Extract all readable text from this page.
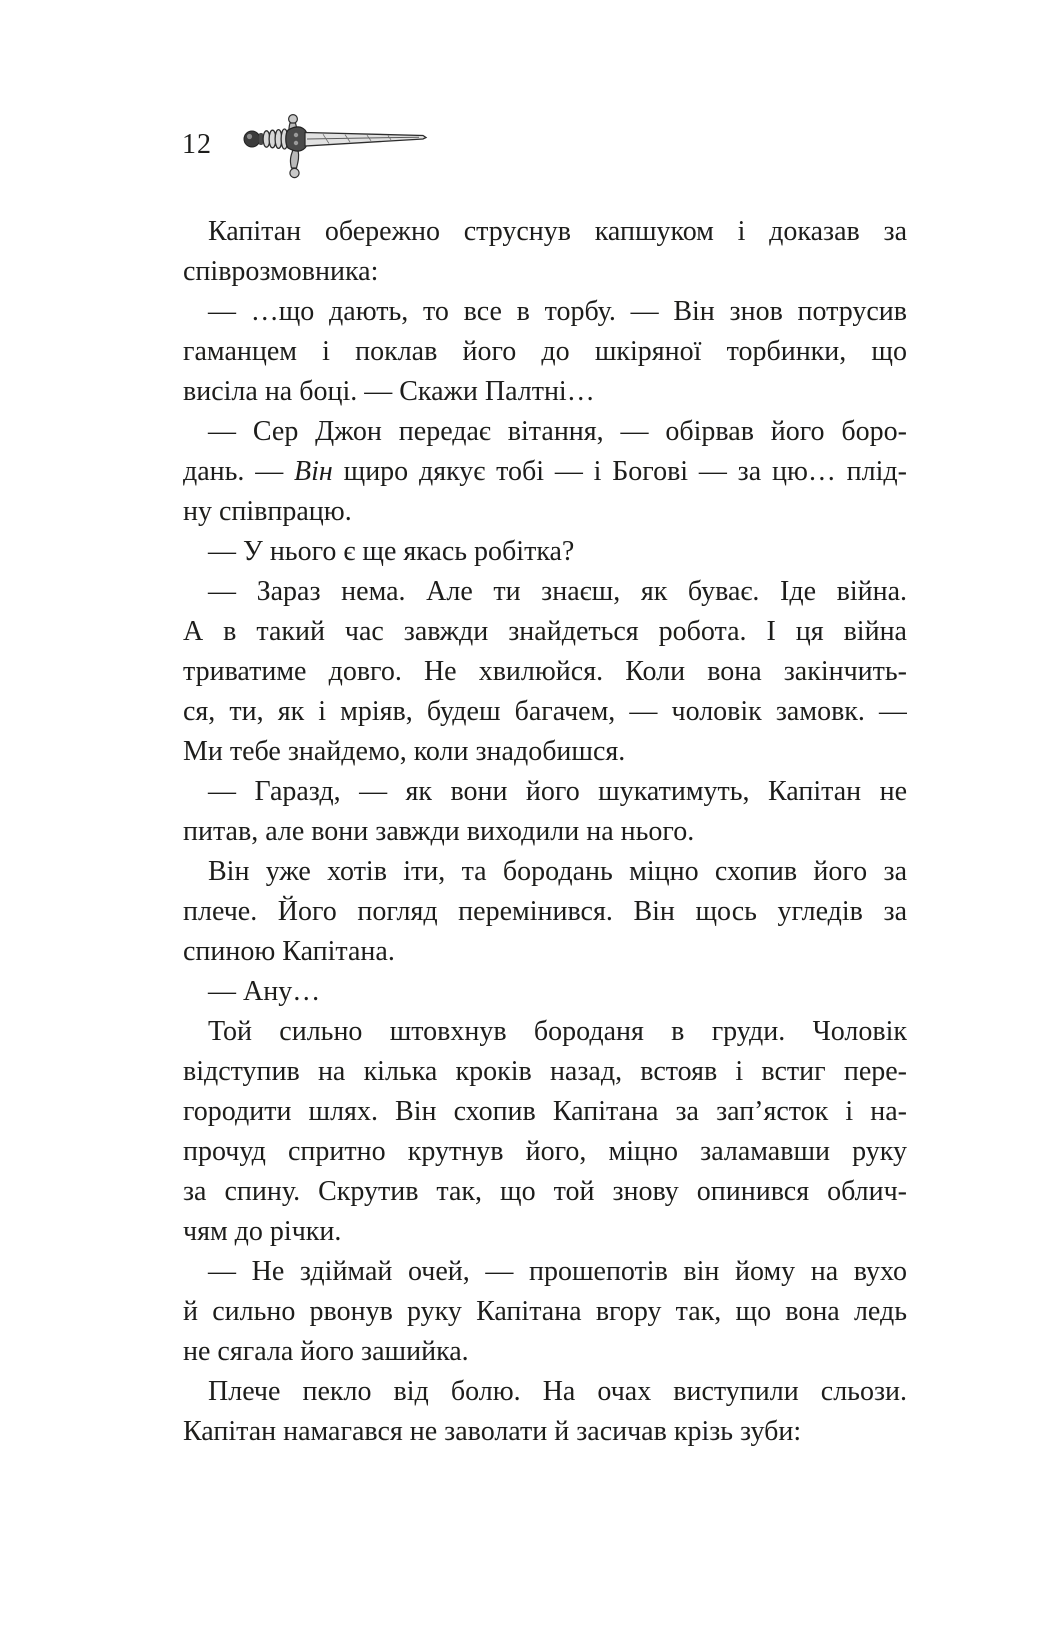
12
Капітан обережно струснув капшуком і доказав за
співрозмовника:
— …що дають, то все в торбу. — Він знов потрусив
гаманцем і поклав його до шкіряної торбинки, що
висіла на боці. — Скажи Палтні…
— Сер Джон передає вітання, — обірвав його боро-
дань. — Він щиро дякує тобі — і Богові — за цю… плід-
ну співпрацю.
— У нього є ще якась робітка?
— Зараз нема. Але ти знаєш, як буває. Іде війна.
А в такий час завжди знайдеться робота. І ця війна
триватиме довго. Не хвилюйся. Коли вона закінчить-
ся, ти, як і мріяв, будеш багачем, — чоловік замовк. —
Ми тебе знайдемо, коли знадобишся.
— Гаразд, — як вони його шукатимуть, Капітан не
питав, але вони завжди виходили на нього.
Він уже хотів іти, та бородань міцно схопив його за
плече. Його погляд перемінився. Він щось угледів за
спиною Капітана.
— Ану…
Той сильно штовхнув бороданя в груди. Чоловік
відступив на кілька кроків назад, встояв і встиг пере-
городити шлях. Він схопив Капітана за зап’ясток і на-
прочуд спритно крутнув його, міцно заламавши руку
за спину. Скрутив так, що той знову опинився облич-
чям до річки.
— Не здіймай очей, — прошепотів він йому на вухо
й сильно рвонув руку Капітана вгору так, що вона ледь
не сягала його зашийка.
Плече пекло від болю. На очах виступили сльози.
Капітан намагався не заволати й засичав крізь зуби:
